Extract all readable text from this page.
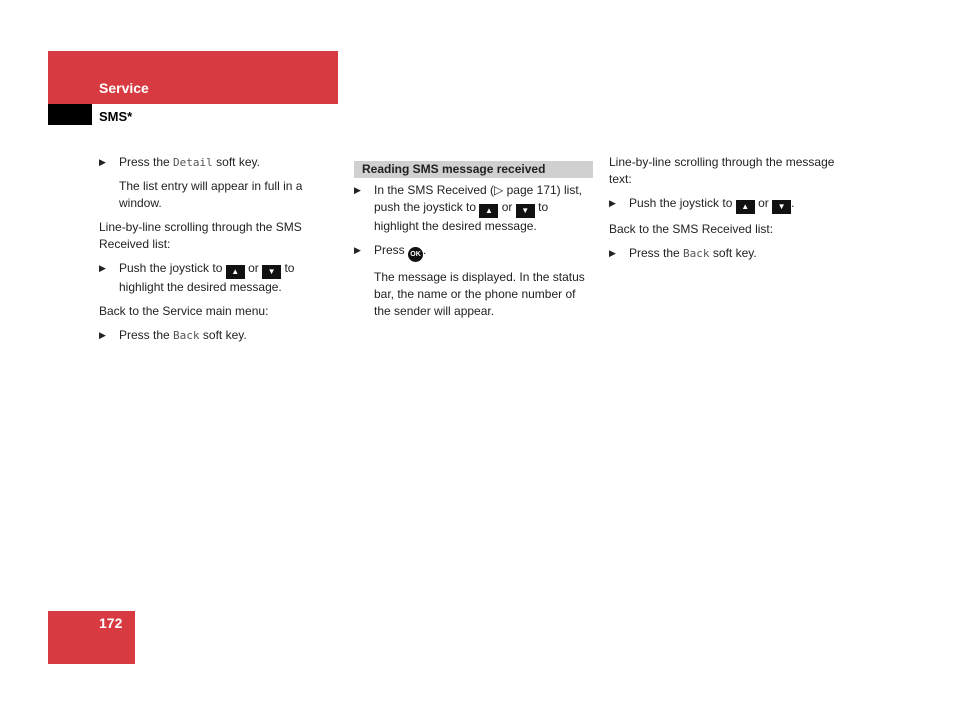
Service
SMS*
▶ Press the Detail soft key.
The list entry will appear in full in a window.

Line-by-line scrolling through the SMS Received list:

▶ Push the joystick to ▲ or ▼ to highlight the desired message.

Back to the Service main menu:

▶ Press the Back soft key.
Reading SMS message received
▶ In the SMS Received (▷ page 171) list, push the joystick to ▲ or ▼ to highlight the desired message.
▶ Press OK .
The message is displayed. In the status bar, the name or the phone number of the sender will appear.

Line-by-line scrolling through the message text:

▶ Push the joystick to ▲ or ▼ .

Back to the SMS Received list:

▶ Press the Back soft key.
172
